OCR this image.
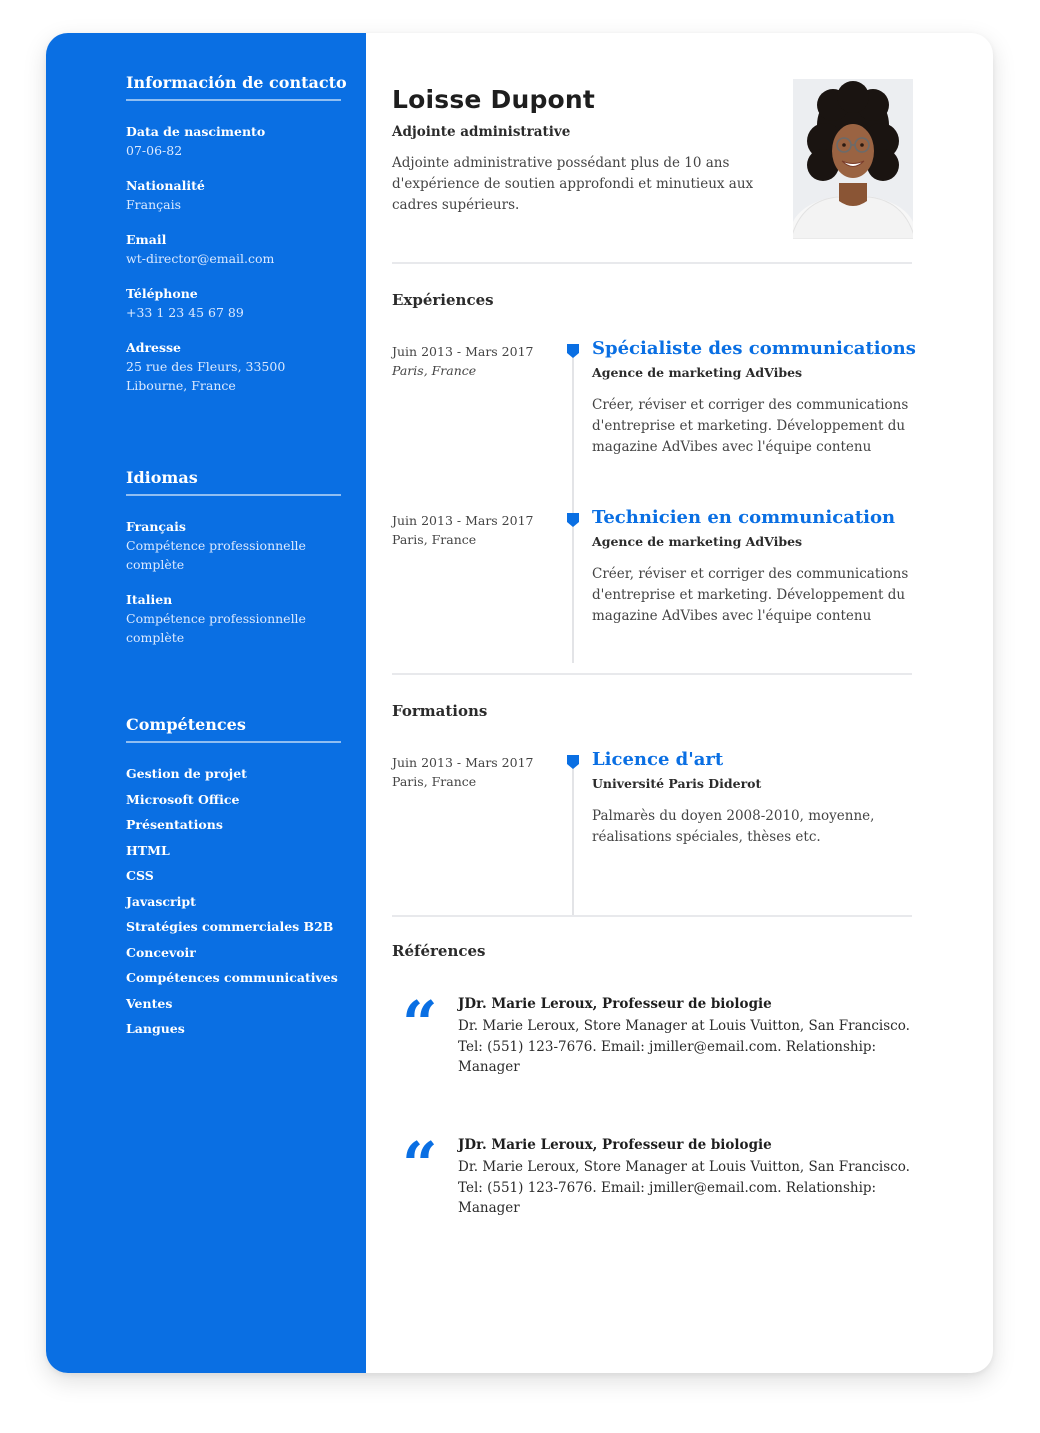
Información de contacto
Data de nascimento
07-06-82
Nationalité
Français
Email
wt-director@email.com
Téléphone
+33 1 23 45 67 89
Adresse
25 rue des Fleurs, 33500 Libourne, France
Idiomas
Français
Compétence professionnelle complète
Italien
Compétence professionnelle complète
Compétences
Gestion de projet
Microsoft Office
Présentations
HTML
CSS
Javascript
Stratégies commerciales B2B
Concevoir
Compétences communicatives
Ventes
Langues
Loisse Dupont
Adjointe administrative
Adjointe administrative possédant plus de 10 ans d'expérience de soutien approfondi et minutieux aux cadres supérieurs.
Expériences
Juin 2013 - Mars 2017
Paris, France
Spécialiste des communications
Agence de marketing AdVibes
Créer, réviser et corriger des communications d'entreprise et marketing. Développement du magazine AdVibes avec l'équipe contenu
Juin 2013 - Mars 2017
Paris, France
Technicien en communication
Agence de marketing AdVibes
Créer, réviser et corriger des communications d'entreprise et marketing. Développement du magazine AdVibes avec l'équipe contenu
Formations
Juin 2013 - Mars 2017
Paris, France
Licence d'art
Université Paris Diderot
Palmarès du doyen 2008-2010, moyenne, réalisations spéciales, thèses etc.
Références
“ JDr. Marie Leroux, Professeur de biologie
Dr. Marie Leroux, Store Manager at Louis Vuitton, San Francisco. Tel: (551) 123-7676. Email: jmiller@email.com. Relationship: Manager
“ JDr. Marie Leroux, Professeur de biologie
Dr. Marie Leroux, Store Manager at Louis Vuitton, San Francisco. Tel: (551) 123-7676. Email: jmiller@email.com. Relationship: Manager
